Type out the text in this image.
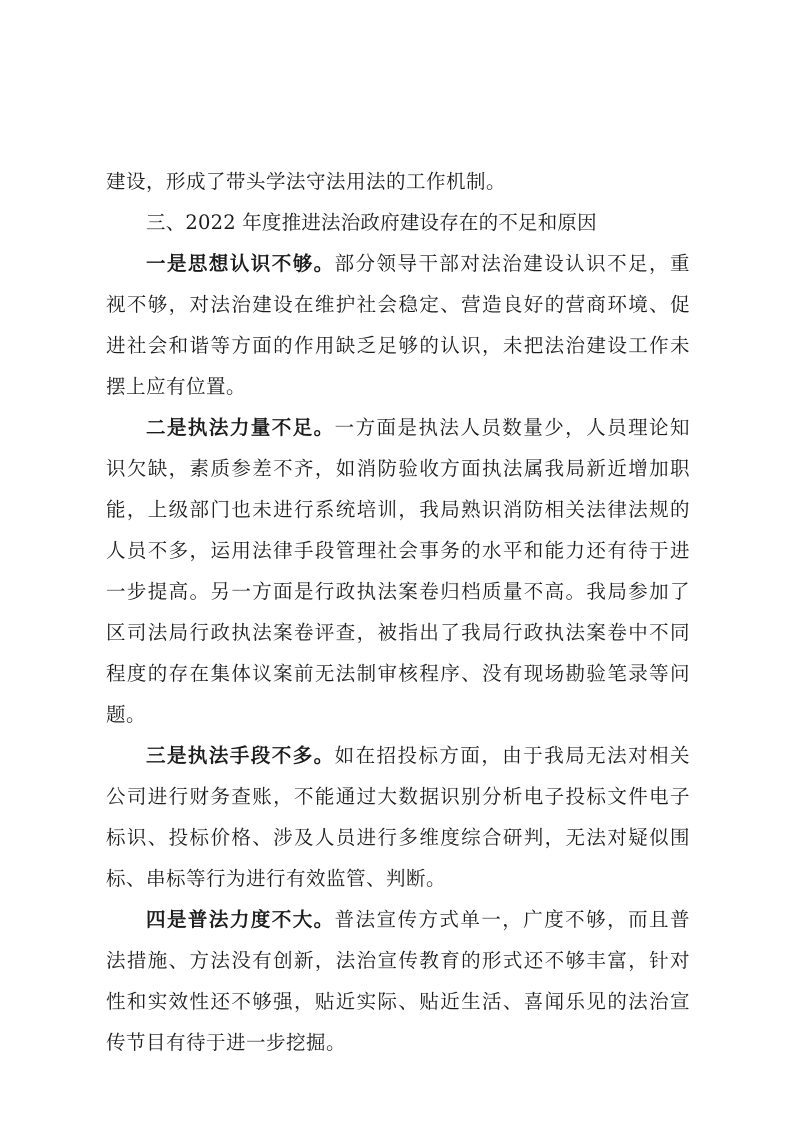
建设，形成了带头学法守法用法的工作机制。
三、2022 年度推进法治政府建设存在的不足和原因
一是思想认识不够。部分领导干部对法治建设认识不足，重
视不够，对法治建设在维护社会稳定、营造良好的营商环境、促
进社会和谐等方面的作用缺乏足够的认识，未把法治建设工作未
摆上应有位置。
二是执法力量不足。一方面是执法人员数量少，人员理论知
识欠缺，素质参差不齐，如消防验收方面执法属我局新近增加职
能，上级部门也未进行系统培训，我局熟识消防相关法律法规的
人员不多，运用法律手段管理社会事务的水平和能力还有待于进
一步提高。另一方面是行政执法案卷归档质量不高。我局参加了
区司法局行政执法案卷评查，被指出了我局行政执法案卷中不同
程度的存在集体议案前无法制审核程序、没有现场勘验笔录等问
题。
三是执法手段不多。如在招投标方面，由于我局无法对相关
公司进行财务查账，不能通过大数据识别分析电子投标文件电子
标识、投标价格、涉及人员进行多维度综合研判，无法对疑似围
标、串标等行为进行有效监管、判断。
四是普法力度不大。普法宣传方式单一，广度不够，而且普
法措施、方法没有创新，法治宣传教育的形式还不够丰富，针对
性和实效性还不够强，贴近实际、贴近生活、喜闻乐见的法治宣
传节目有待于进一步挖掘。
